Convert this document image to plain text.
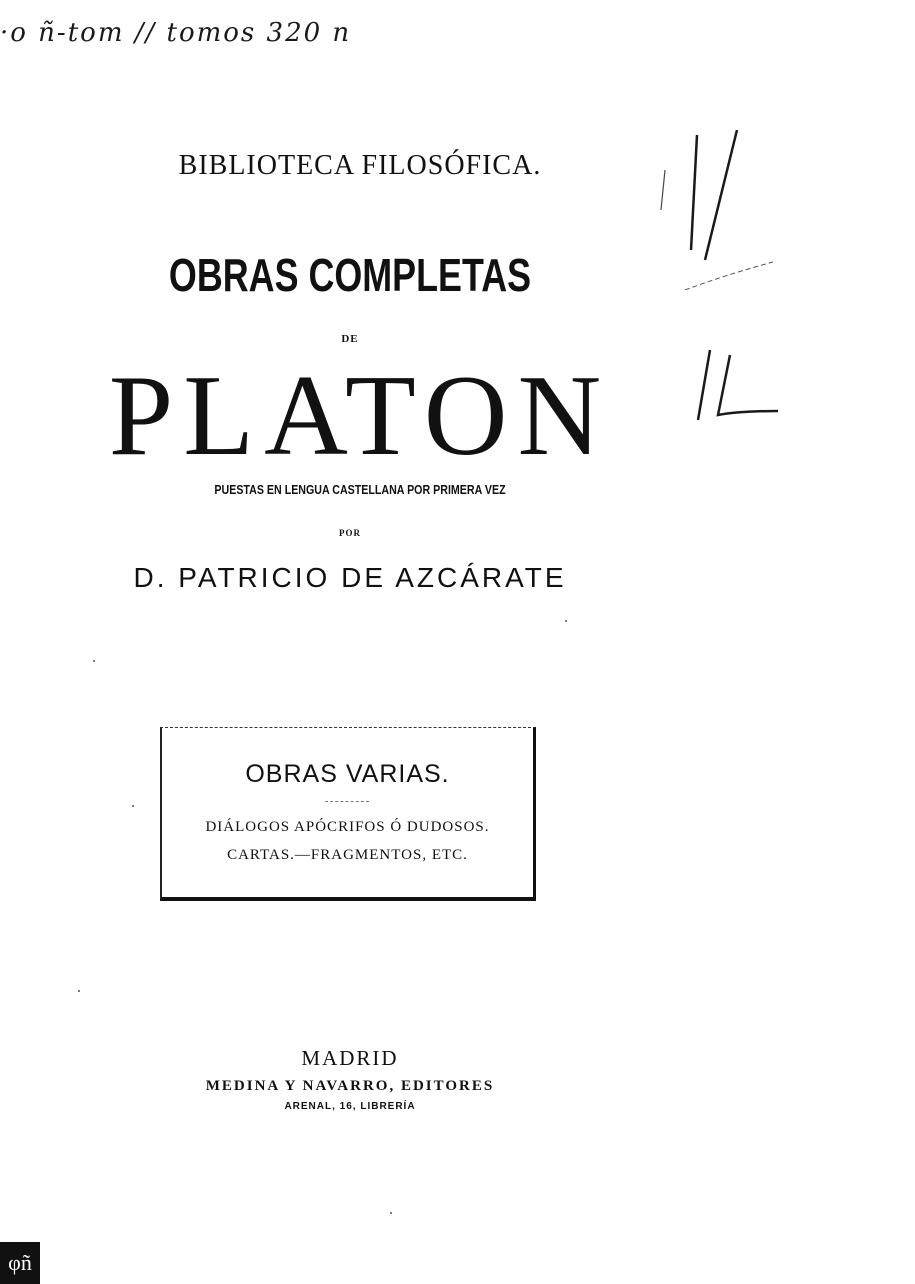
·o ñ-tom // tomos 320 n
BIBLIOTECA FILOSÓFICA.
OBRAS COMPLETAS
DE
PLATON
PUESTAS EN LENGUA CASTELLANA POR PRIMERA VEZ
POR
D. PATRICIO DE AZCÁRATE
OBRAS VARIAS.
DIÁLOGOS APÓCRIFOS Ó DUDOSOS.
CARTAS.—FRAGMENTOS, ETC.
MADRID
MEDINA Y NAVARRO, EDITORES
ARENAL, 16, LIBRERÍA
φñ
